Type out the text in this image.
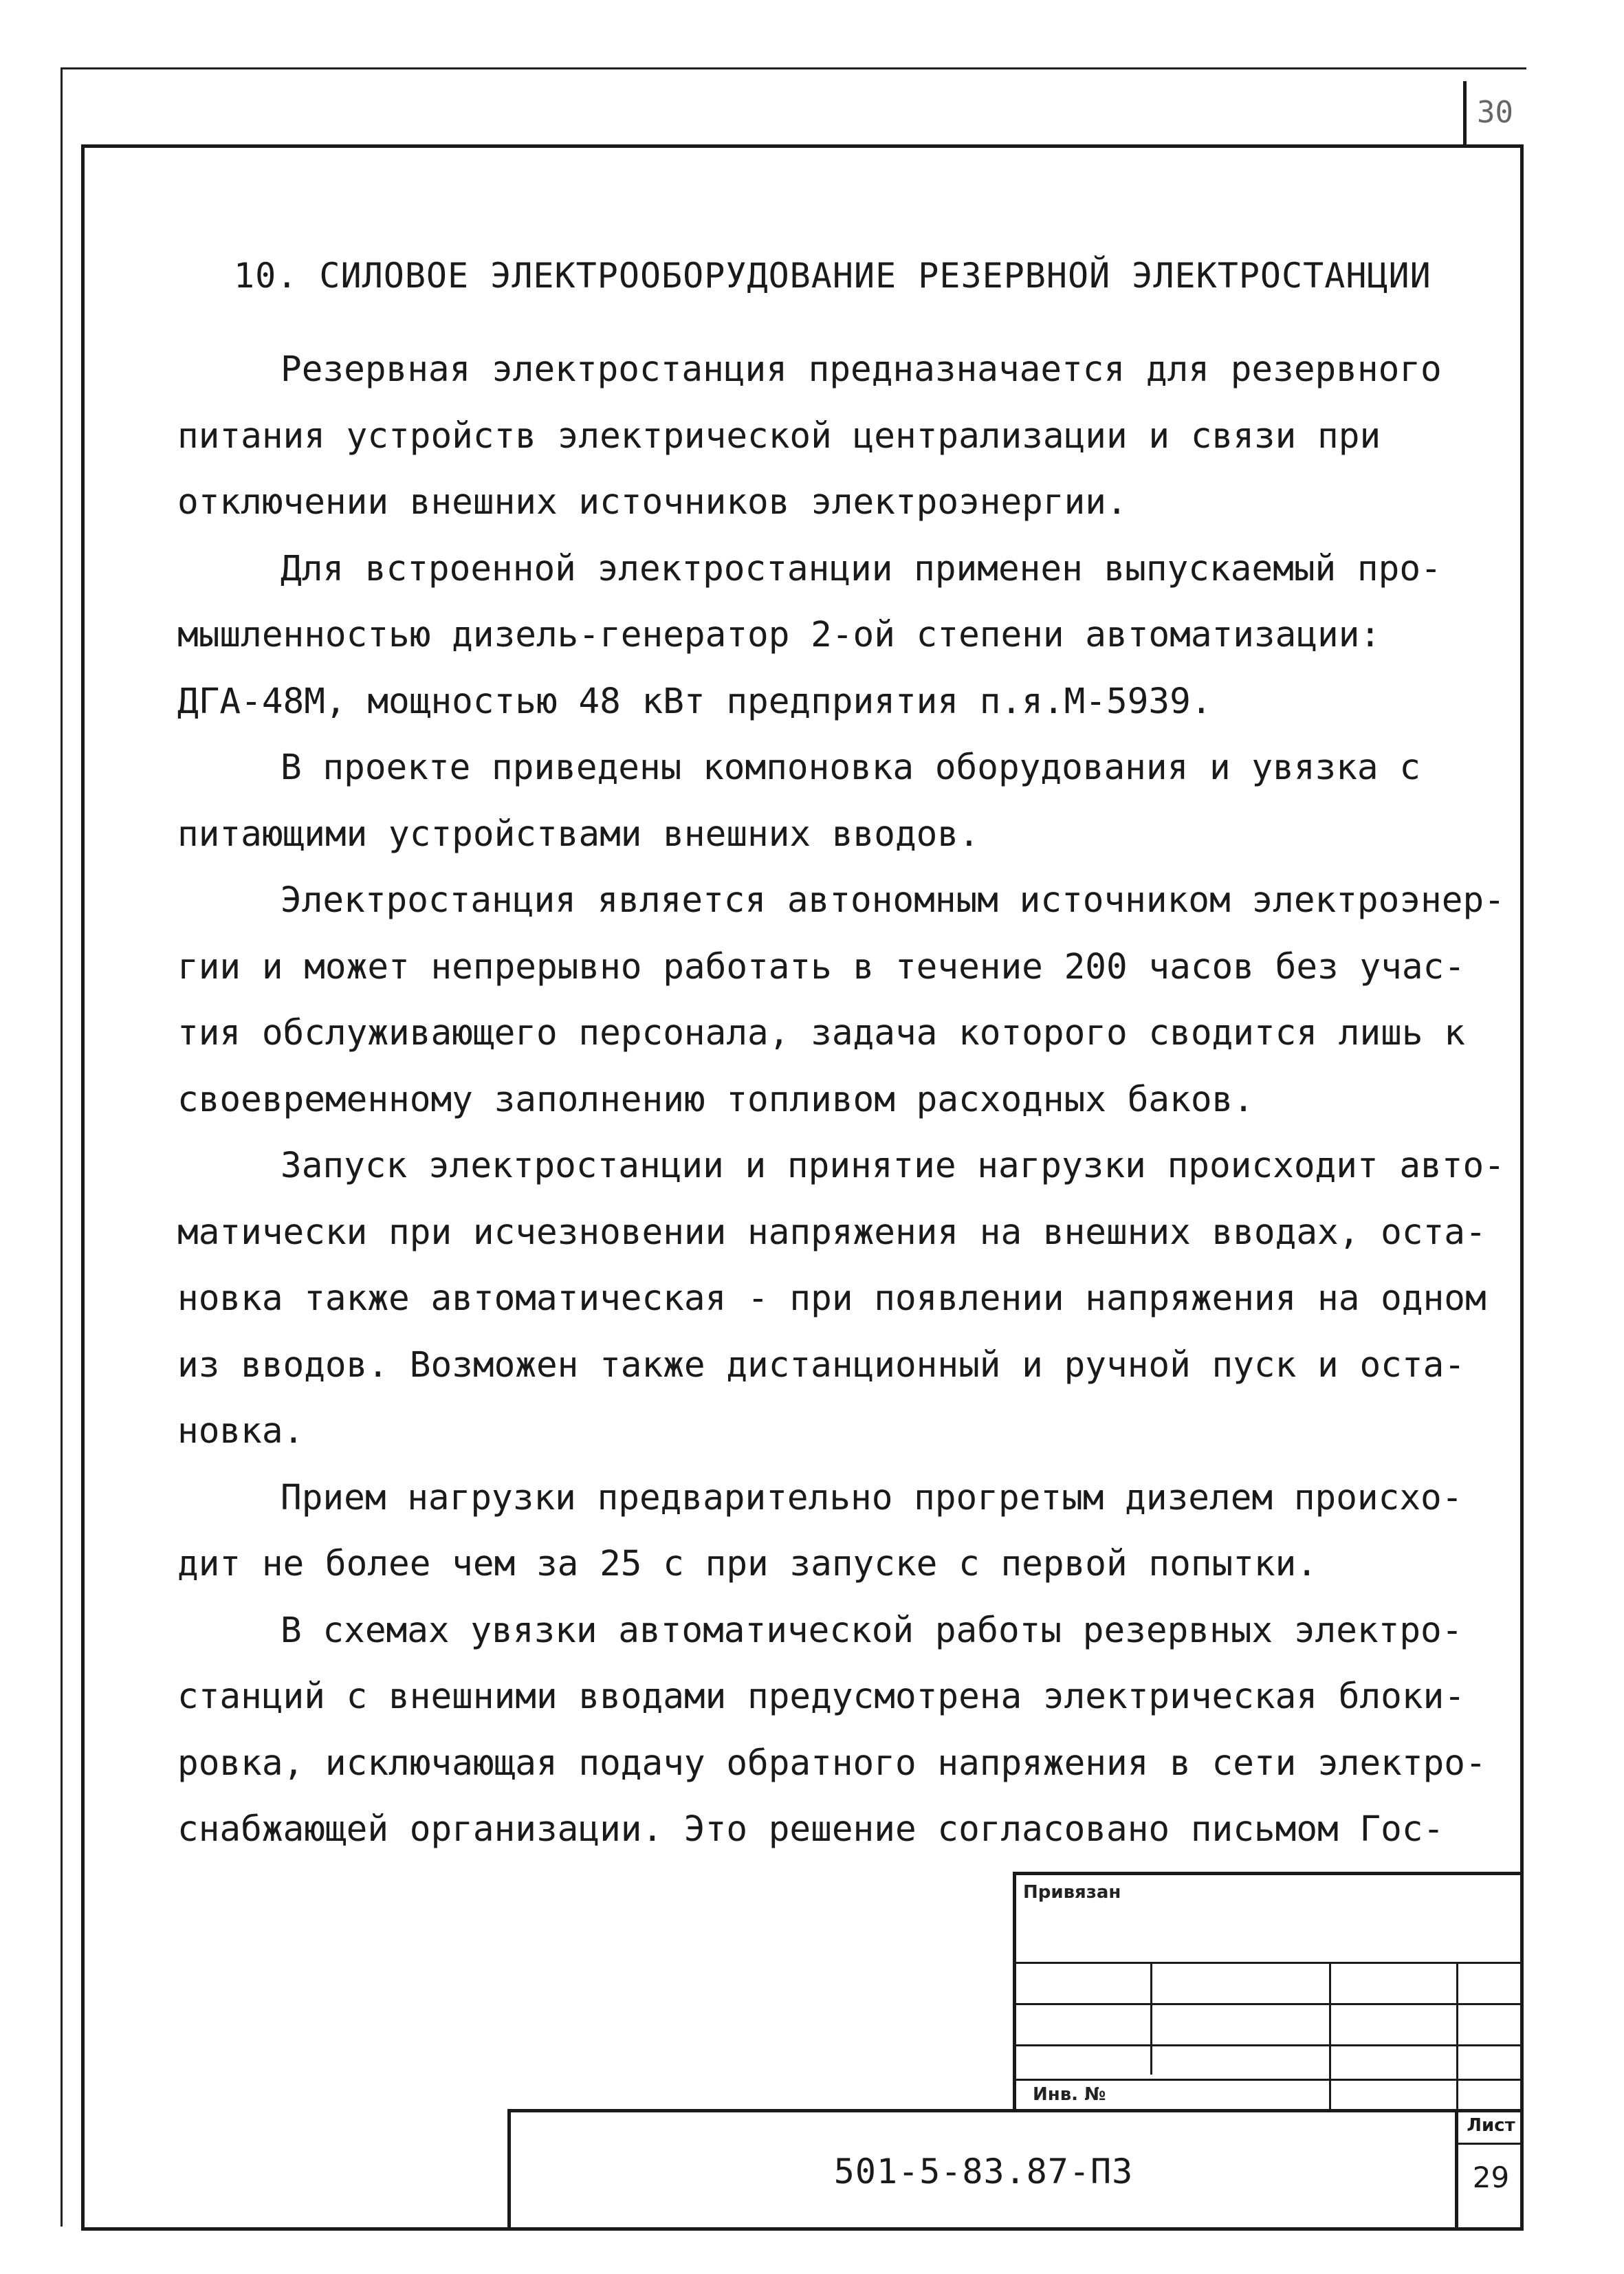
30
10. СИЛОВОЕ ЭЛЕКТРООБОРУДОВАНИЕ РЕЗЕРВНОЙ ЭЛЕКТРОСТАНЦИИ

Резервная электростанция предназначается для резервного

питания устройств электрической централизации и связи при

отключении внешних источников электроэнергии.

Для встроенной электростанции применен выпускаемый про-

мышленностью дизель-генератор 2-ой степени автоматизации:

ДГА-48М, мощностью 48 кВт предприятия п.я.М-5939.

В проекте приведены компоновка оборудования и увязка с

питающими устройствами внешних вводов.

Электростанция является автономным источником электроэнер-

гии и может непрерывно работать в течение 200 часов без учас-

тия обслуживающего персонала, задача которого сводится лишь к

своевременному заполнению топливом расходных баков.

Запуск электростанции и принятие нагрузки происходит авто-

матически при исчезновении напряжения на внешних вводах, оста-

новка также автоматическая - при появлении напряжения на одном

из вводов. Возможен также дистанционный и ручной пуск и оста-

новка.

Прием нагрузки предварительно прогретым дизелем происхо-

дит не более чем за 25 с при запуске с первой попытки.

В схемах увязки автоматической работы резервных электро-

станций с внешними вводами предусмотрена электрическая блоки-

ровка, исключающая подачу обратного напряжения в сети электро-

снабжающей организации. Это решение согласовано письмом Гос-

Привязан
Инв. №
501-5-83.87-ПЗ
Лист
29
